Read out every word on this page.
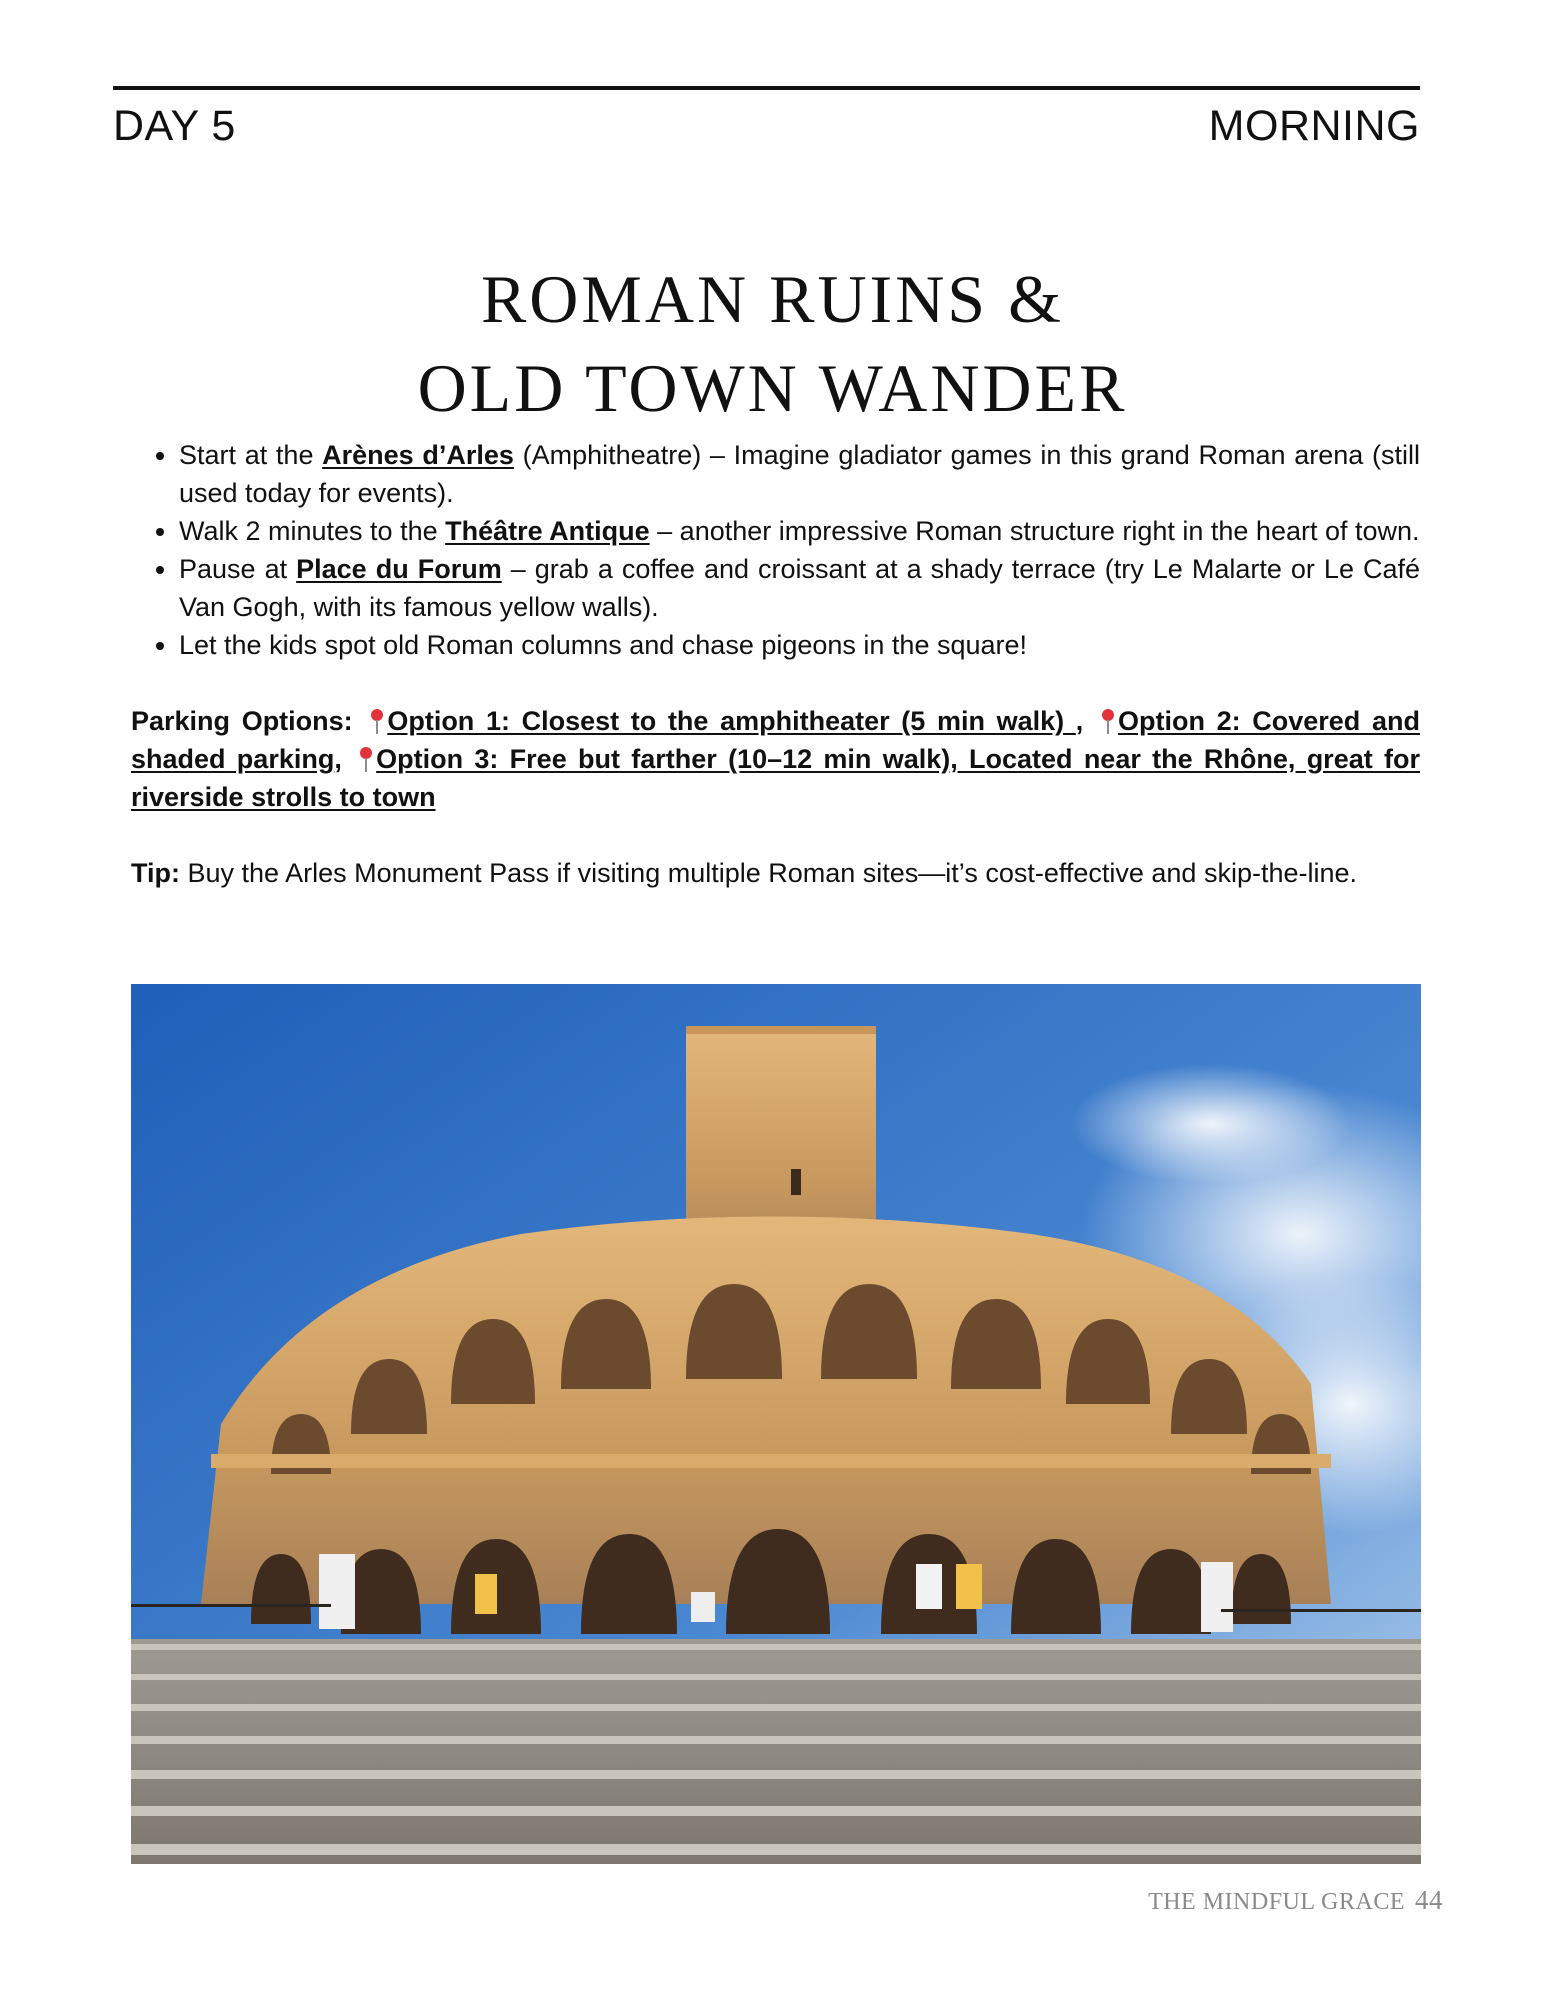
DAY 5	MORNING
ROMAN RUINS &
OLD TOWN WANDER
• Start at the Arènes d’Arles (Amphitheatre) – Imagine gladiator games in this grand Roman arena (still used today for events).
• Walk 2 minutes to the Théâtre Antique – another impressive Roman structure right in the heart of town.
• Pause at Place du Forum – grab a coffee and croissant at a shady terrace (try Le Malarte or Le Café Van Gogh, with its famous yellow walls).
• Let the kids spot old Roman columns and chase pigeons in the square!
Parking Options: Option 1: Closest to the amphitheater (5 min walk) , Option 2: Covered and shaded parking, Option 3: Free but farther (10–12 min walk), Located near the Rhône, great for riverside strolls to town
Tip: Buy the Arles Monument Pass if visiting multiple Roman sites—it’s cost-effective and skip-the-line.
THE MINDFUL GRACE 44
